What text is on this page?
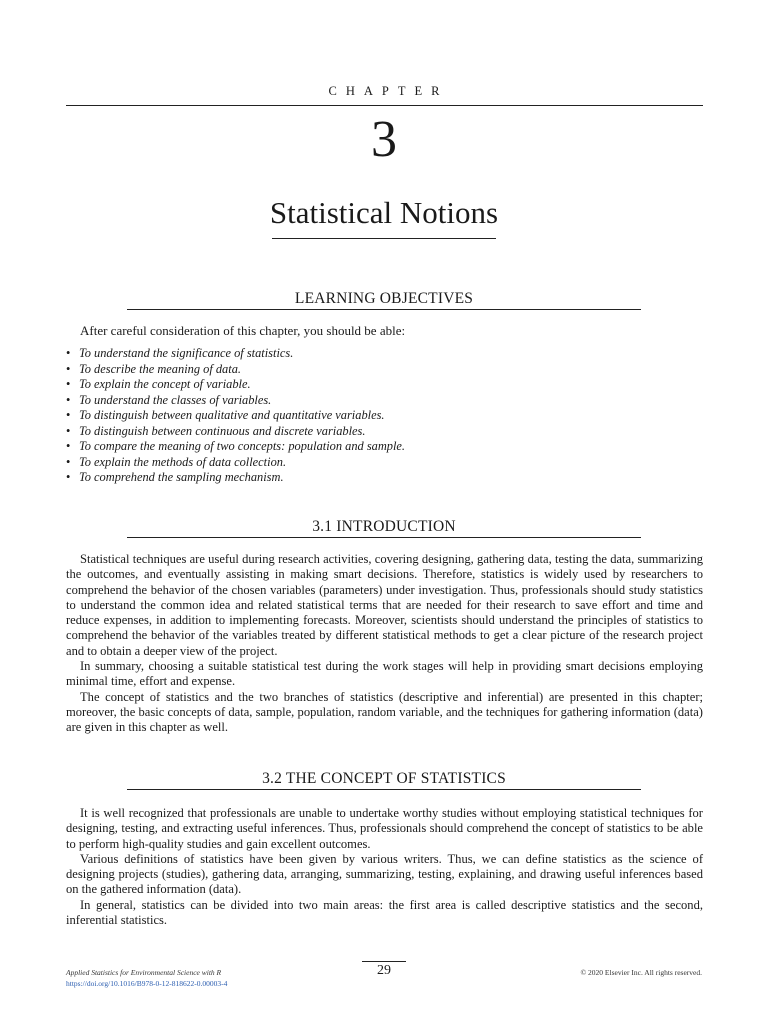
CHAPTER
3
Statistical Notions
LEARNING OBJECTIVES
After careful consideration of this chapter, you should be able:
• To understand the significance of statistics.
• To describe the meaning of data.
• To explain the concept of variable.
• To understand the classes of variables.
• To distinguish between qualitative and quantitative variables.
• To distinguish between continuous and discrete variables.
• To compare the meaning of two concepts: population and sample.
• To explain the methods of data collection.
• To comprehend the sampling mechanism.
3.1 INTRODUCTION

Statistical techniques are useful during research activities, covering designing, gathering data, testing the data, summarizing the outcomes, and eventually assisting in making smart decisions. Therefore, statistics is widely used by researchers to comprehend the behavior of the chosen variables (parameters) under investigation. Thus, professionals should study statistics to understand the common idea and related statistical terms that are needed for their research to save effort and time and reduce expenses, in addition to implementing forecasts. Moreover, scientists should understand the principles of statistics to comprehend the behavior of the variables treated by different statistical methods to get a clear picture of the research project and to obtain a deeper view of the project.

In summary, choosing a suitable statistical test during the work stages will help in providing smart decisions employing minimal time, effort and expense.

The concept of statistics and the two branches of statistics (descriptive and inferential) are presented in this chapter; moreover, the basic concepts of data, sample, population, random variable, and the techniques for gathering information (data) are given in this chapter as well.

3.2 THE CONCEPT OF STATISTICS

It is well recognized that professionals are unable to undertake worthy studies without employing statistical techniques for designing, testing, and extracting useful inferences. Thus, professionals should comprehend the concept of statistics to be able to perform high-quality studies and gain excellent outcomes.

Various definitions of statistics have been given by various writers. Thus, we can define statistics as the science of designing projects (studies), gathering data, arranging, summarizing, testing, explaining, and drawing useful inferences based on the gathered information (data).

In general, statistics can be divided into two main areas: the first area is called descriptive statistics and the second, inferential statistics.

29
Applied Statistics for Environmental Science with R
https://doi.org/10.1016/B978-0-12-818622-0.00003-4
© 2020 Elsevier Inc. All rights reserved.
